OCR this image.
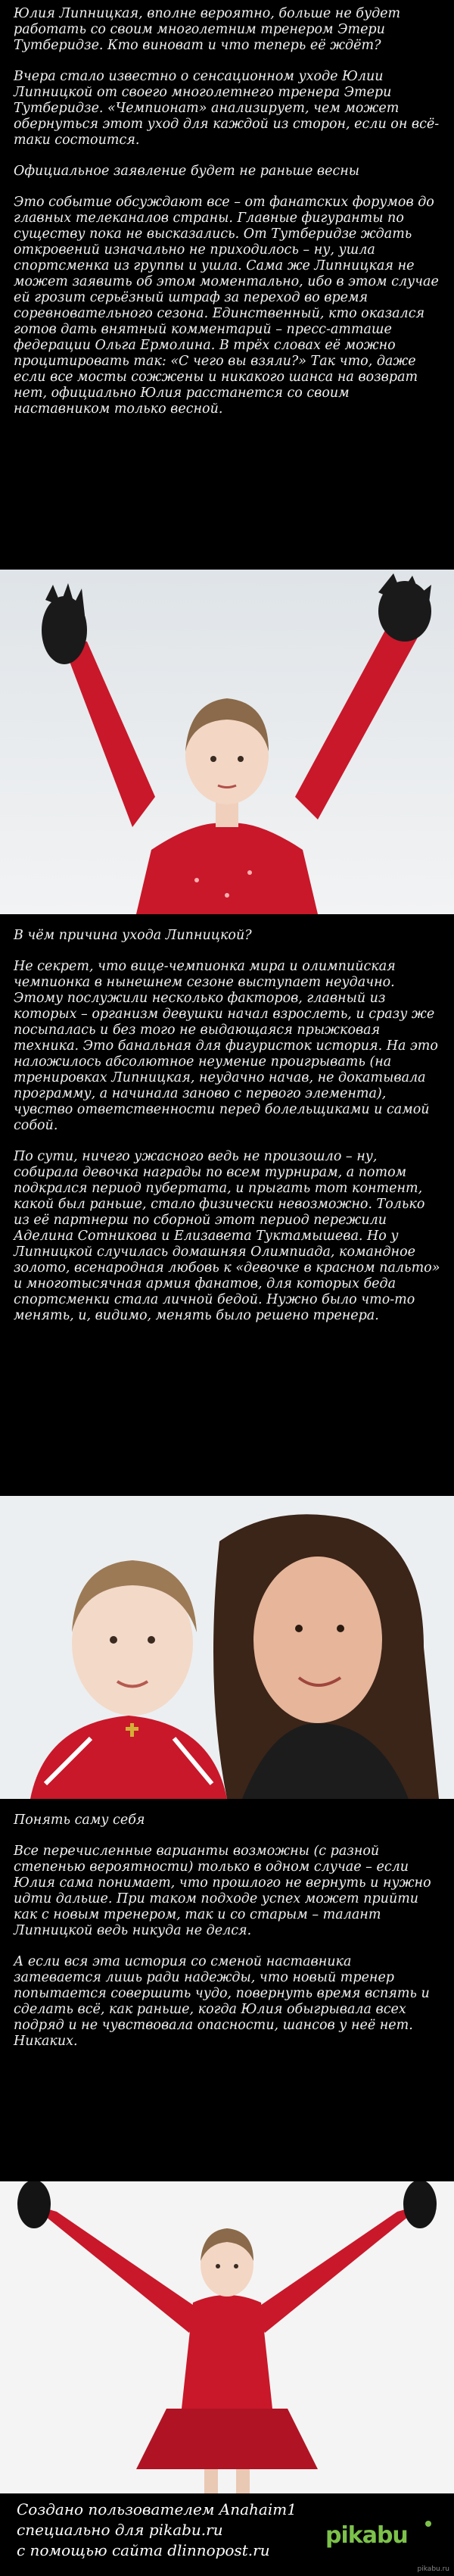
Юлия Липницкая, вполне вероятно, больше не будет работать со своим многолетним тренером Этери Тутберидзе. Кто виноват и что теперь её ждёт?

Вчера стало известно о сенсационном уходе Юлии Липницкой от своего многолетнего тренера Этери Тутберидзе. «Чемпионат» анализирует, чем может обернуться этот уход для каждой из сторон, если он всё-таки состоится.

Официальное заявление будет не раньше весны

Это событие обсуждают все – от фанатских форумов до главных телеканалов страны. Главные фигуранты по существу пока не высказались. От Тутберидзе ждать откровений изначально не приходилось – ну, ушла спортсменка из группы и ушла. Сама же Липницкая не может заявить об этом моментально, ибо в этом случае ей грозит серьёзный штраф за переход во время соревновательного сезона. Единственный, кто оказался готов дать внятный комментарий – пресс-атташе федерации Ольга Ермолина. В трёх словах её можно процитировать так: «С чего вы взяли?» Так что, даже если все мосты сожжены и никакого шанса на возврат нет, официально Юлия расстанется со своим наставником только весной.

В чём причина ухода Липницкой?

Не секрет, что вице-чемпионка мира и олимпийская чемпионка в нынешнем сезоне выступает неудачно. Этому послужили несколько факторов, главный из которых – организм девушки начал взрослеть, и сразу же посыпалась и без того не выдающаяся прыжковая техника. Это банальная для фигуристок история. На это наложилось абсолютное неумение проигрывать (на тренировках Липницкая, неудачно начав, не докатывала программу, а начинала заново с первого элемента), чувство ответственности перед болельщиками и самой собой.

По сути, ничего ужасного ведь не произошло – ну, собирала девочка награды по всем турнирам, а потом подкрался период пубертата, и прыгать тот контент, какой был раньше, стало физически невозможно. Только из её партнерш по сборной этот период пережили Аделина Сотникова и Елизавета Туктамышева. Но у Липницкой случилась домашняя Олимпиада, командное золото, всенародная любовь к «девочке в красном пальто» и многотысячная армия фанатов, для которых беда спортсменки стала личной бедой. Нужно было что-то менять, и, видимо, менять было решено тренера.

Понять саму себя

Все перечисленные варианты возможны (с разной степенью вероятности) только в одном случае – если Юлия сама понимает, что прошлого не вернуть и нужно идти дальше. При таком подходе успех может прийти как с новым тренером, так и со старым – талант Липницкой ведь никуда не делся.

А если вся эта история со сменой наставника затевается лишь ради надежды, что новый тренер попытается совершить чудо, повернуть время вспять и сделать всё, как раньше, когда Юлия обыгрывала всех подряд и не чувствовала опасности, шансов у неё нет. Никаких.

Создано пользователем Anahaim1
специально для pikabu.ru
с помощью сайта dlinnopost.ru
pikabu
pikabu.ru
